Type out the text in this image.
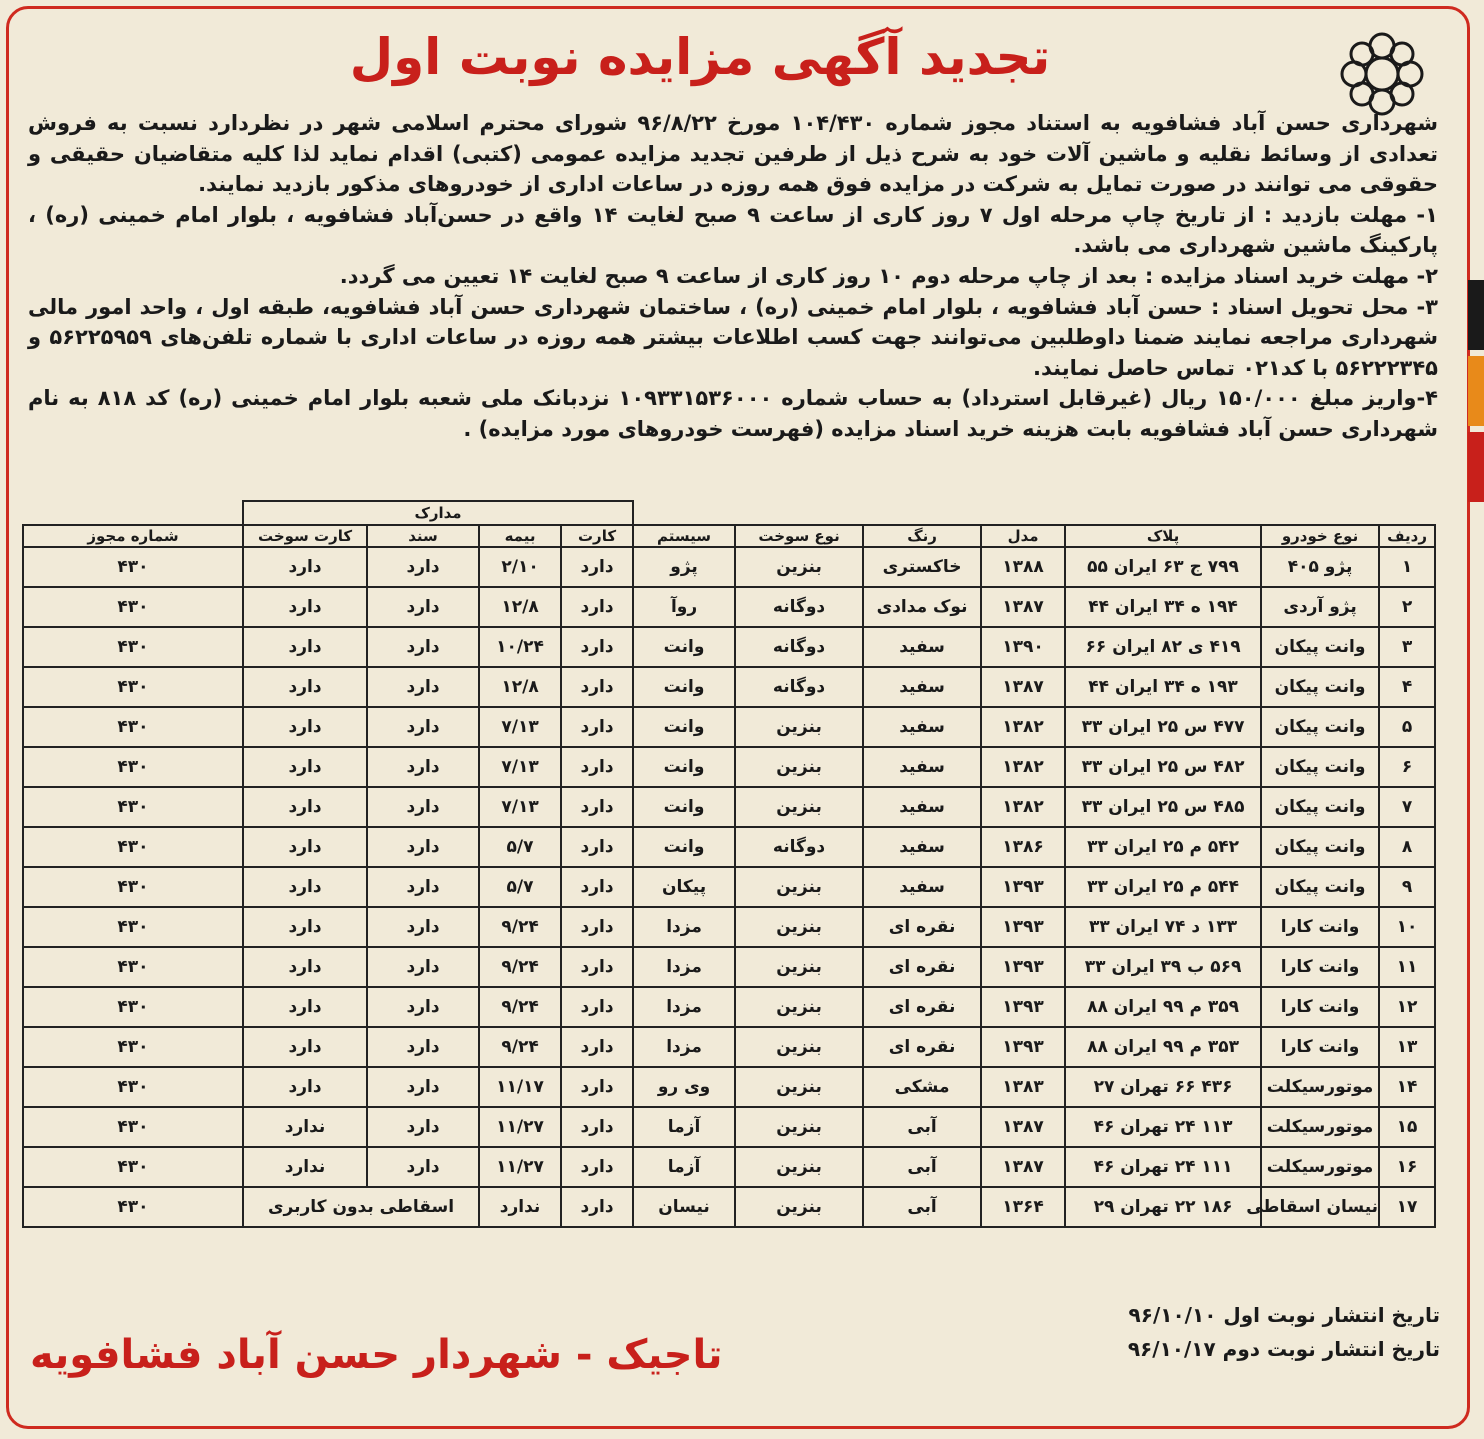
تجدید آگهی مزایده نوبت اول

شهرداری حسن آباد فشافویه به استناد مجوز شماره ۱۰۴/۴۳۰ مورخ ۹۶/۸/۲۲ شورای محترم اسلامی شهر در نظردارد نسبت به فروش تعدادی از وسائط نقلیه و ماشین آلات خود به شرح ذیل از طرفین تجدید مزایده عمومی (کتبی) اقدام نماید لذا کلیه متقاضیان حقیقی و حقوقی می توانند در صورت تمایل به شرکت در مزایده فوق همه روزه در ساعات اداری از خودروهای مذکور بازدید نمایند.

۱- مهلت بازدید : از تاریخ چاپ مرحله اول ۷ روز کاری از ساعت ۹ صبح لغایت ۱۴ واقع در حسن‌آباد فشافویه ، بلوار امام خمینی (ره) ، پارکینگ ماشین شهرداری می باشد.

۲- مهلت خرید اسناد مزایده : بعد از چاپ مرحله دوم ۱۰ روز کاری از ساعت ۹ صبح لغایت ۱۴ تعیین می گردد.

۳- محل تحویل اسناد : حسن آباد فشافویه ، بلوار امام خمینی (ره) ، ساختمان شهرداری حسن آباد فشافویه، طبقه اول ، واحد امور مالی شهرداری مراجعه نمایند ضمنا داوطلبین می‌توانند جهت کسب اطلاعات بیشتر همه روزه در ساعات اداری با شماره تلفن‌های ۵۶۲۲۵۹۵۹ و ۵۶۲۲۲۳۴۵ با کد۰۲۱ تماس حاصل نمایند.

۴-واریز مبلغ ۱۵۰/۰۰۰ ریال (غیرقابل استرداد) به حساب شماره ۱۰۹۳۳۱۵۳۶۰۰۰ نزدبانک ملی شعبه بلوار امام خمینی (ره) کد ۸۱۸ به نام شهرداری حسن آباد فشافویه بابت هزینه خرید اسناد مزایده (فهرست خودروهای مورد مزایده) .

							مدارک				
ردیف	نوع خودرو	پلاک	مدل	رنگ	نوع سوخت	سیستم	کارت	بیمه	سند	کارت سوخت	شماره مجوز
۱	پژو ۴۰۵	۷۹۹ ج ۶۳ ایران ۵۵	۱۳۸۸	خاکستری	بنزین	پژو	دارد	۲/۱۰	دارد	دارد	۴۳۰
۲	پژو آردی	۱۹۴ ه ۳۴ ایران ۴۴	۱۳۸۷	نوک مدادی	دوگانه	روآ	دارد	۱۲/۸	دارد	دارد	۴۳۰
۳	وانت پیکان	۴۱۹ ی ۸۲ ایران ۶۶	۱۳۹۰	سفید	دوگانه	وانت	دارد	۱۰/۲۴	دارد	دارد	۴۳۰
۴	وانت پیکان	۱۹۳ ه ۳۴ ایران ۴۴	۱۳۸۷	سفید	دوگانه	وانت	دارد	۱۲/۸	دارد	دارد	۴۳۰
۵	وانت پیکان	۴۷۷ س ۲۵ ایران ۳۳	۱۳۸۲	سفید	بنزین	وانت	دارد	۷/۱۳	دارد	دارد	۴۳۰
۶	وانت پیکان	۴۸۲ س ۲۵ ایران ۳۳	۱۳۸۲	سفید	بنزین	وانت	دارد	۷/۱۳	دارد	دارد	۴۳۰
۷	وانت پیکان	۴۸۵ س ۲۵ ایران ۳۳	۱۳۸۲	سفید	بنزین	وانت	دارد	۷/۱۳	دارد	دارد	۴۳۰
۸	وانت پیکان	۵۴۲ م ۲۵ ایران ۳۳	۱۳۸۶	سفید	دوگانه	وانت	دارد	۵/۷	دارد	دارد	۴۳۰
۹	وانت پیکان	۵۴۴ م ۲۵ ایران ۳۳	۱۳۹۳	سفید	بنزین	پیکان	دارد	۵/۷	دارد	دارد	۴۳۰
۱۰	وانت کارا	۱۳۳ د ۷۴ ایران ۳۳	۱۳۹۳	نقره ای	بنزین	مزدا	دارد	۹/۲۴	دارد	دارد	۴۳۰
۱۱	وانت کارا	۵۶۹ ب ۳۹ ایران ۳۳	۱۳۹۳	نقره ای	بنزین	مزدا	دارد	۹/۲۴	دارد	دارد	۴۳۰
۱۲	وانت کارا	۳۵۹ م ۹۹ ایران ۸۸	۱۳۹۳	نقره ای	بنزین	مزدا	دارد	۹/۲۴	دارد	دارد	۴۳۰
۱۳	وانت کارا	۳۵۳ م ۹۹ ایران ۸۸	۱۳۹۳	نقره ای	بنزین	مزدا	دارد	۹/۲۴	دارد	دارد	۴۳۰
۱۴	موتورسیکلت	۴۳۶ ۶۶ تهران ۲۷	۱۳۸۳	مشکی	بنزین	وی رو	دارد	۱۱/۱۷	دارد	دارد	۴۳۰
۱۵	موتورسیکلت	۱۱۳ ۲۴ تهران ۴۶	۱۳۸۷	آبی	بنزین	آزما	دارد	۱۱/۲۷	دارد	ندارد	۴۳۰
۱۶	موتورسیکلت	۱۱۱ ۲۴ تهران ۴۶	۱۳۸۷	آبی	بنزین	آزما	دارد	۱۱/۲۷	دارد	ندارد	۴۳۰
۱۷	نیسان اسقاطی	۱۸۶ ۲۲ تهران ۲۹	۱۳۶۴	آبی	بنزین	نیسان	دارد	ندارد	اسقاطی بدون کاربری		۴۳۰
تاریخ انتشار نوبت اول ۹۶/۱۰/۱۰
تاریخ انتشار نوبت دوم ۹۶/۱۰/۱۷
تاجیک - شهردار حسن آباد فشافویه
